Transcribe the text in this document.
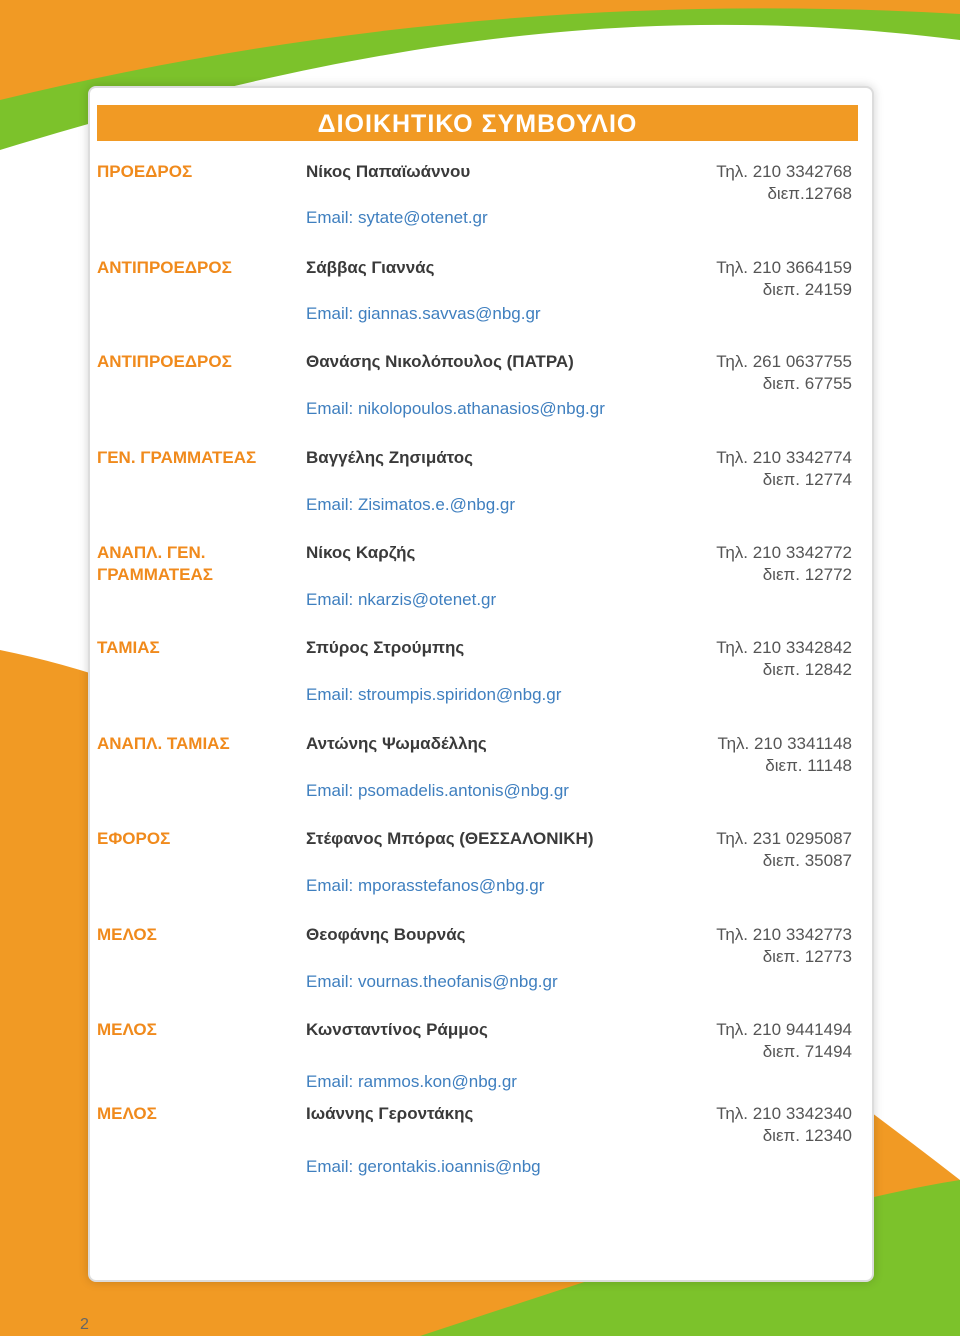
ΔΙΟΙΚΗΤΙΚΟ ΣΥΜΒΟΥΛΙΟ
ΠΡΟΕΔΡΟΣ	Νίκος Παπαϊωάννου	Τηλ. 210 3342768
διεπ.12768
Email: sytate@otenet.gr
ΑΝΤΙΠΡΟΕΔΡΟΣ	Σάββας Γιαννάς	Τηλ. 210 3664159
διεπ. 24159
Email: giannas.savvas@nbg.gr
ΑΝΤΙΠΡΟΕΔΡΟΣ	Θανάσης Νικολόπουλος (ΠΑΤΡΑ)	Τηλ. 261 0637755
διεπ. 67755
Email: nikolopoulos.athanasios@nbg.gr
ΓΕΝ. ΓΡΑΜΜΑΤΕΑΣ	Βαγγέλης Ζησιμάτος	Τηλ. 210 3342774
διεπ. 12774
Email: Zisimatos.e.@nbg.gr
ΑΝΑΠΛ. ΓΕΝ.
ΓΡΑΜΜΑΤΕΑΣ
Νίκος Καρζής	Τηλ. 210 3342772
διεπ. 12772
Email: nkarzis@otenet.gr
ΤΑΜΙΑΣ	Σπύρος Στρούμπης	Τηλ. 210 3342842
διεπ. 12842
Email: stroumpis.spiridon@nbg.gr
ΑΝΑΠΛ. ΤΑΜΙΑΣ	Αντώνης Ψωμαδέλλης	Τηλ. 210 3341148
διεπ. 11148
Email: psomadelis.antonis@nbg.gr
ΕΦΟΡΟΣ	Στέφανος Μπόρας (ΘΕΣΣΑΛΟΝΙΚΗ)	Τηλ. 231 0295087
διεπ. 35087
Email: mporasstefanos@nbg.gr
ΜΕΛΟΣ	Θεοφάνης Βουρνάς	Τηλ. 210 3342773
διεπ. 12773
Email: vournas.theofanis@nbg.gr
ΜΕΛΟΣ	Κωνσταντίνος Ράμμος	Τηλ. 210 9441494
διεπ. 71494
Email: rammos.kon@nbg.gr
ΜΕΛΟΣ	Ιωάννης Γεροντάκης	Τηλ. 210 3342340
διεπ. 12340
Email: gerontakis.ioannis@nbg
2
